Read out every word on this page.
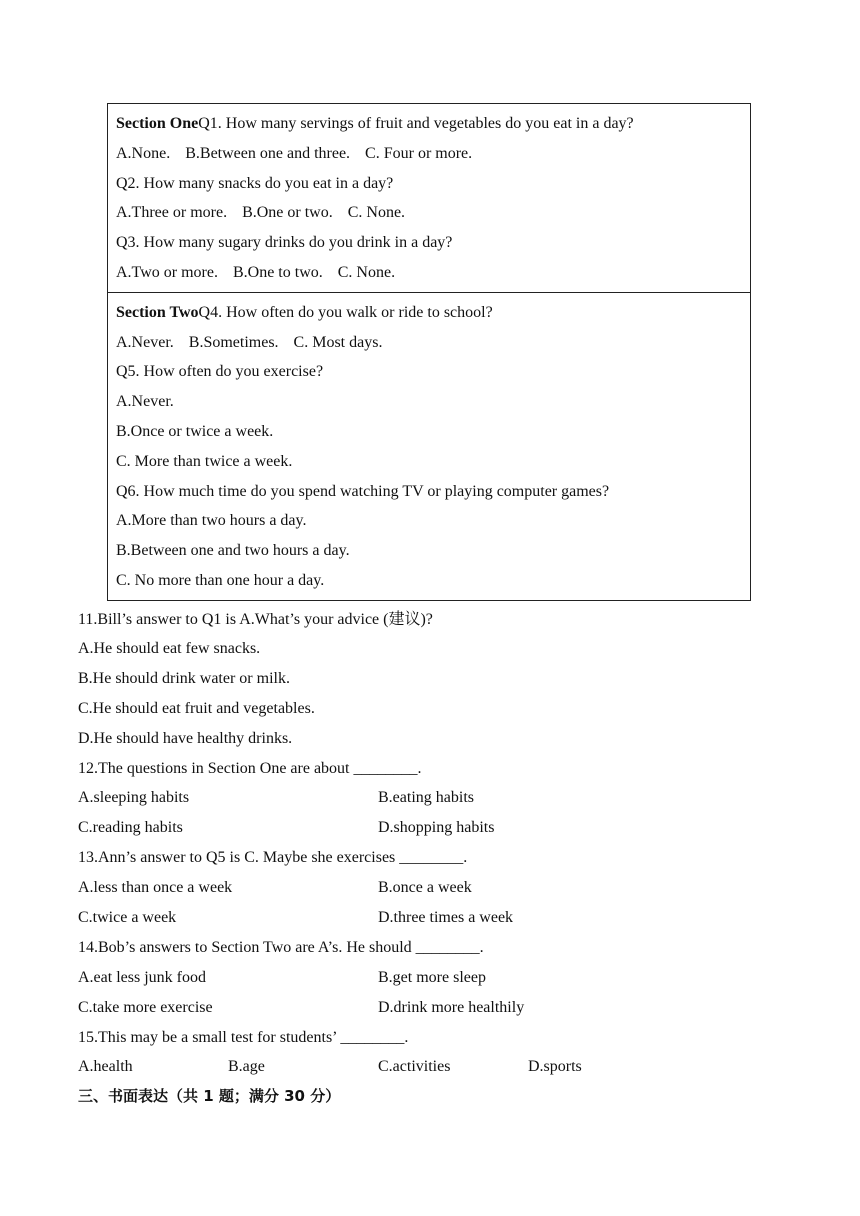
Section OneQ1. How many servings of fruit and vegetables do you eat in a day?
A.None. B.Between one and three. C. Four or more.
Q2. How many snacks do you eat in a day?
A.Three or more. B.One or two. C. None.
Q3. How many sugary drinks do you drink in a day?
A.Two or more. B.One to two. C. None.
Section TwoQ4. How often do you walk or ride to school?
A.Never. B.Sometimes. C. Most days.
Q5. How often do you exercise?
A.Never.
B.Once or twice a week.
C. More than twice a week.
Q6. How much time do you spend watching TV or playing computer games?
A.More than two hours a day.
B.Between one and two hours a day.
C. No more than one hour a day.
11.Bill’s answer to Q1 is A.What’s your advice (建议)?
A.He should eat few snacks.
B.He should drink water or milk.
C.He should eat fruit and vegetables.
D.He should have healthy drinks.
12.The questions in Section One are about ________.
A.sleeping habits	B.eating habits
C.reading habits	D.shopping habits
13.Ann’s answer to Q5 is C. Maybe she exercises ________.
A.less than once a week	B.once a week
C.twice a week	D.three times a week
14.Bob’s answers to Section Two are A’s. He should ________.
A.eat less junk food	B.get more sleep
C.take more exercise	D.drink more healthily
15.This may be a small test for students’ ________.
A.health	B.age	C.activities	D.sports
三、书面表达（共 1 题；满分 30 分）
